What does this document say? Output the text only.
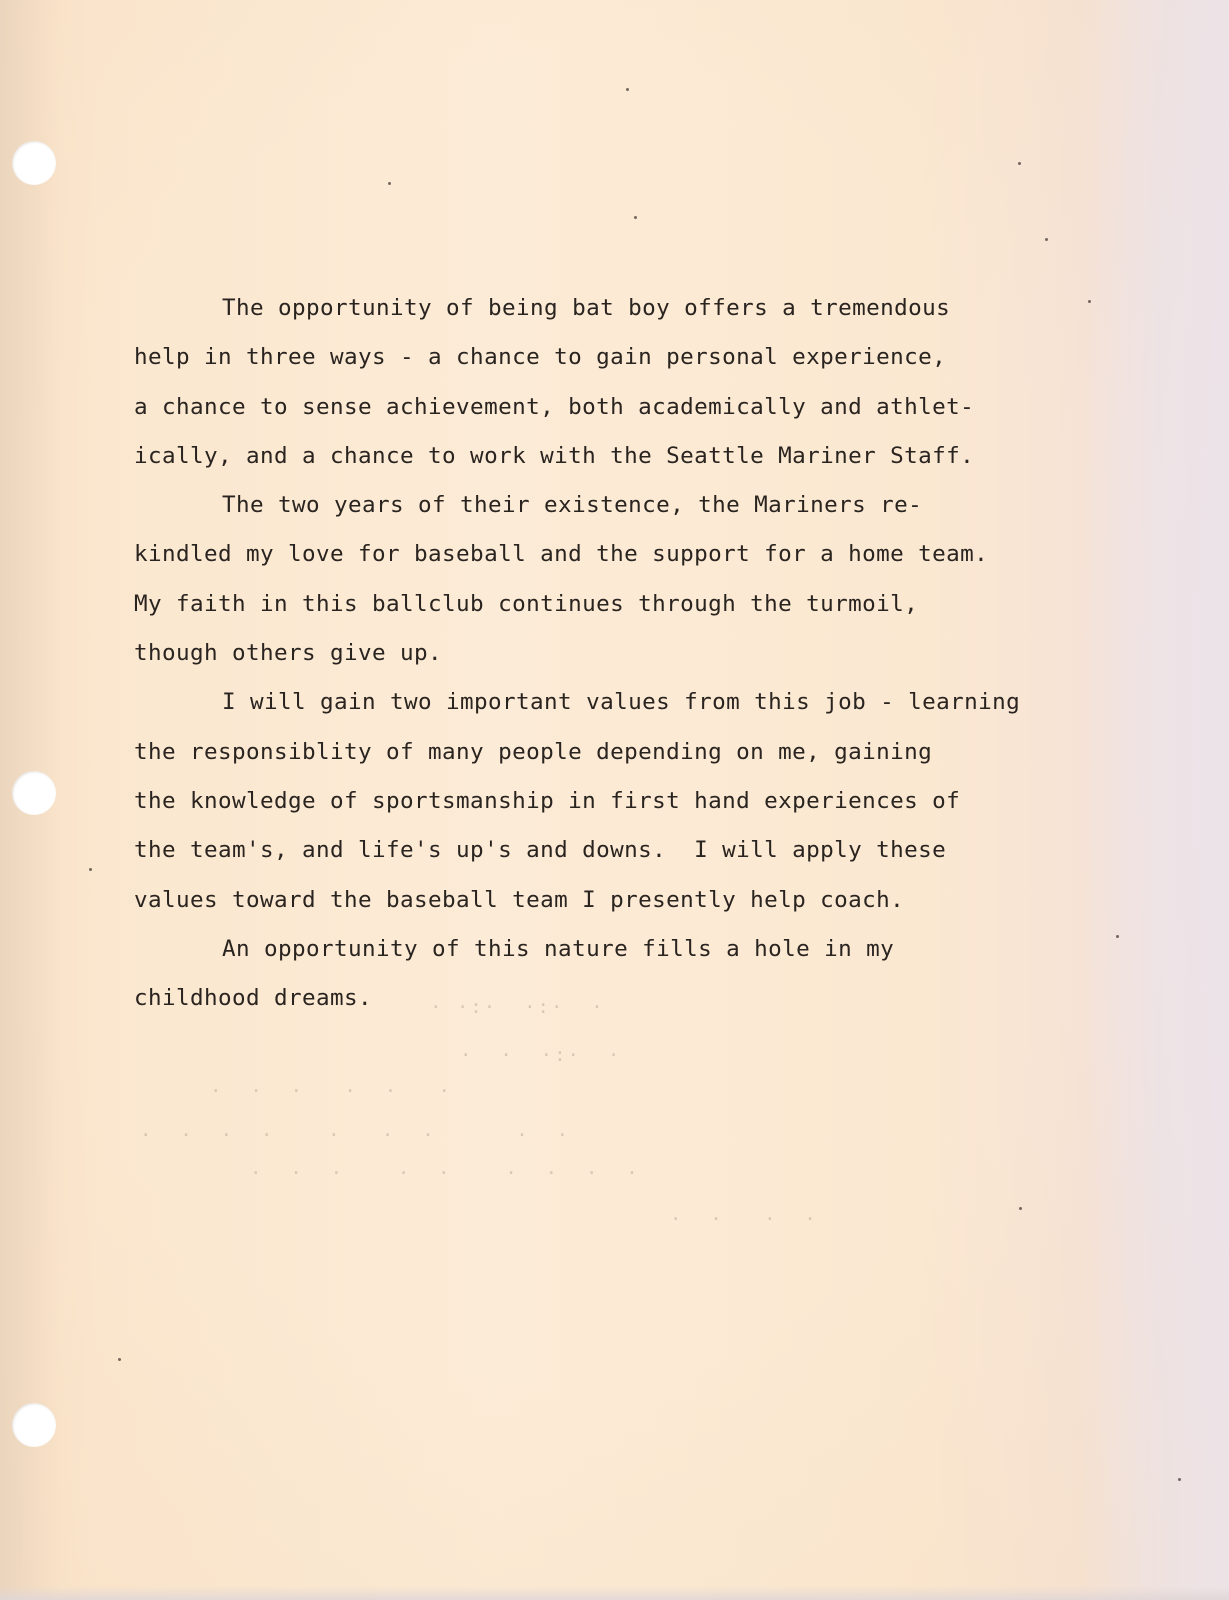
· ·:·  ·:·  ·
·  ·  ·:·  ·
·  ·  ·   ·  ·   ·
·  ·  ·  ·    ·   ·  ·      ·  ·
·  ·  ·    ·  ·    ·  ·  ·  ·
·  ·   ·  ·
The opportunity of being bat boy offers a tremendous
help in three ways - a chance to gain personal experience,
a chance to sense achievement, both academically and athlet-
ically, and a chance to work with the Seattle Mariner Staff.
The two years of their existence, the Mariners re-
kindled my love for baseball and the support for a home team.
My faith in this ballclub continues through the turmoil,
though others give up.
I will gain two important values from this job - learning
the responsiblity of many people depending on me, gaining
the knowledge of sportsmanship in first hand experiences of
the team's, and life's up's and downs.  I will apply these
values toward the baseball team I presently help coach.
An opportunity of this nature fills a hole in my
childhood dreams.
